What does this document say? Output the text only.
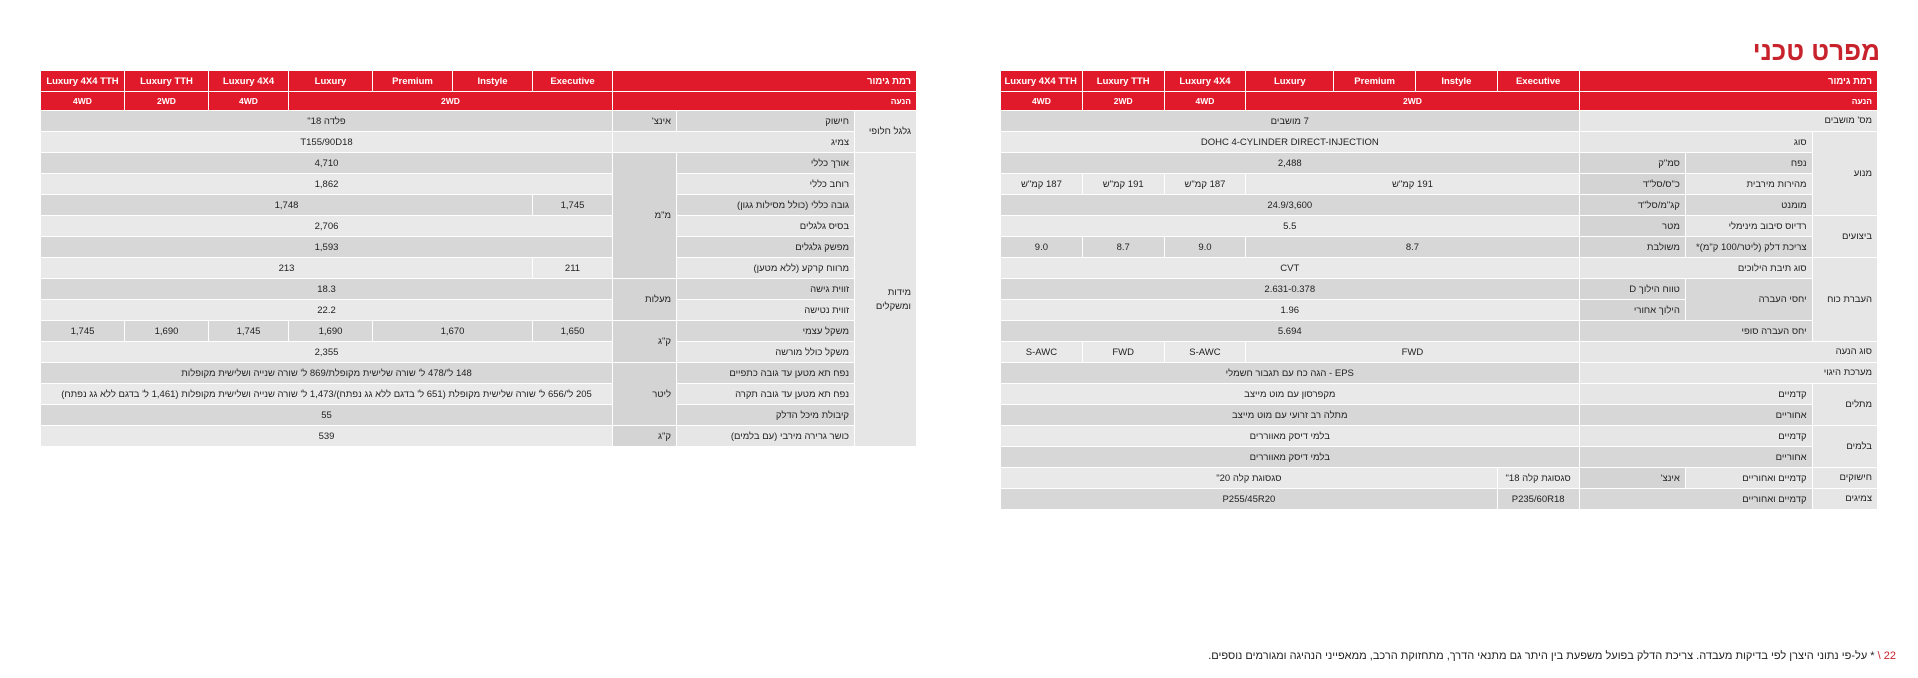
מפרט טכני
רמת גימור			Executive	Instyle	Premium	Luxury	Luxury 4X4	Luxury TTH	Luxury 4X4 TTH
הנעה			2WD				4WD	2WD	4WD
מס' מושבים			7 מושבים						
מנוע	סוג		DOHC 4-CYLINDER DIRECT-INJECTION						
	נפח	סמ"ק	2,488						
	מהירות מירבית	כ"ס/סל"ד	191 קמ"ש				187 קמ"ש	191 קמ"ש	187 קמ"ש
	מומנט	קג"מ/סל"ד	24.9/3,600						
ביצועים	רדיוס סיבוב מינימלי	מטר	5.5						
	צריכת דלק (ליטר/100 ק"מ)*	משולבת	8.7				9.0	8.7	9.0
העברת כוח	סוג תיבת הילוכים		CVT						
	יחסי העברה	טווח הילוך D	2.631-0.378						
		הילוך אחורי	1.96						
	יחס העברה סופי		5.694						
סוג הנעה			FWD				S-AWC	FWD	S-AWC
מערכת היגוי			EPS - הגה כח עם תגבור חשמלי						
מתלים	קדמיים		מקפרסון עם מוט מייצב						
	אחוריים		מתלה רב זרועי עם מוט מייצב						
בלמים	קדמיים		בלמי דיסק מאווררים						
	אחוריים		בלמי דיסק מאווררים						
חישוקים	קדמיים ואחוריים	אינצ'	סגסוגת קלה 18"	סגסוגת קלה 20"					
צמיגים	קדמיים ואחוריים		P235/60R18	P255/45R20					
רמת גימור			Executive	Instyle	Premium	Luxury	Luxury 4X4	Luxury TTH	Luxury 4X4 TTH
הנעה			2WD				4WD	2WD	4WD
גלגל חלופי	חישוק	אינצ'	פלדה 18"						
	צמיג		T155/90D18						
מידות ומשקלים	אורך כללי	מ"מ	4,710						
	רוחב כללי		1,862						
	גובה כללי (כולל מסילות גגון)		1,745	1,748					
	בסיס גלגלים		2,706						
	מפשק גלגלים		1,593						
	מרווח קרקע (ללא מטען)		211	213					
	זווית גישה	מעלות	18.3						
	זווית נטישה		22.2						
	משקל עצמי	ק"ג	1,650	1,670		1,690	1,745	1,690	1,745
	משקל כולל מורשה		2,355						
	נפח תא מטען עד גובה כתפיים	ליטר	148 ל'/478 ל' שורה שלישית מקופלת/869 ל' שורה שנייה ושלישית מקופלות						
	נפח תא מטען עד גובה תקרה		205 ל'/656 ל' שורה שלישית מקופלת (651 ל' בדגם ללא גג נפתח)/1,473 ל' שורה שנייה ושלישית מקופלות (1,461 ל' בדגם ללא גג נפתח)						
	קיבולת מיכל הדלק		55						
	כושר גרירה מירבי (עם בלמים)	ק"ג	539						
22 \ * על-פי נתוני היצרן לפי בדיקות מעבדה. צריכת הדלק בפועל משפעת בין היתר גם מתנאי הדרך, מתחזוקת הרכב, ממאפייני הנהיגה ומגורמים נוספים.
